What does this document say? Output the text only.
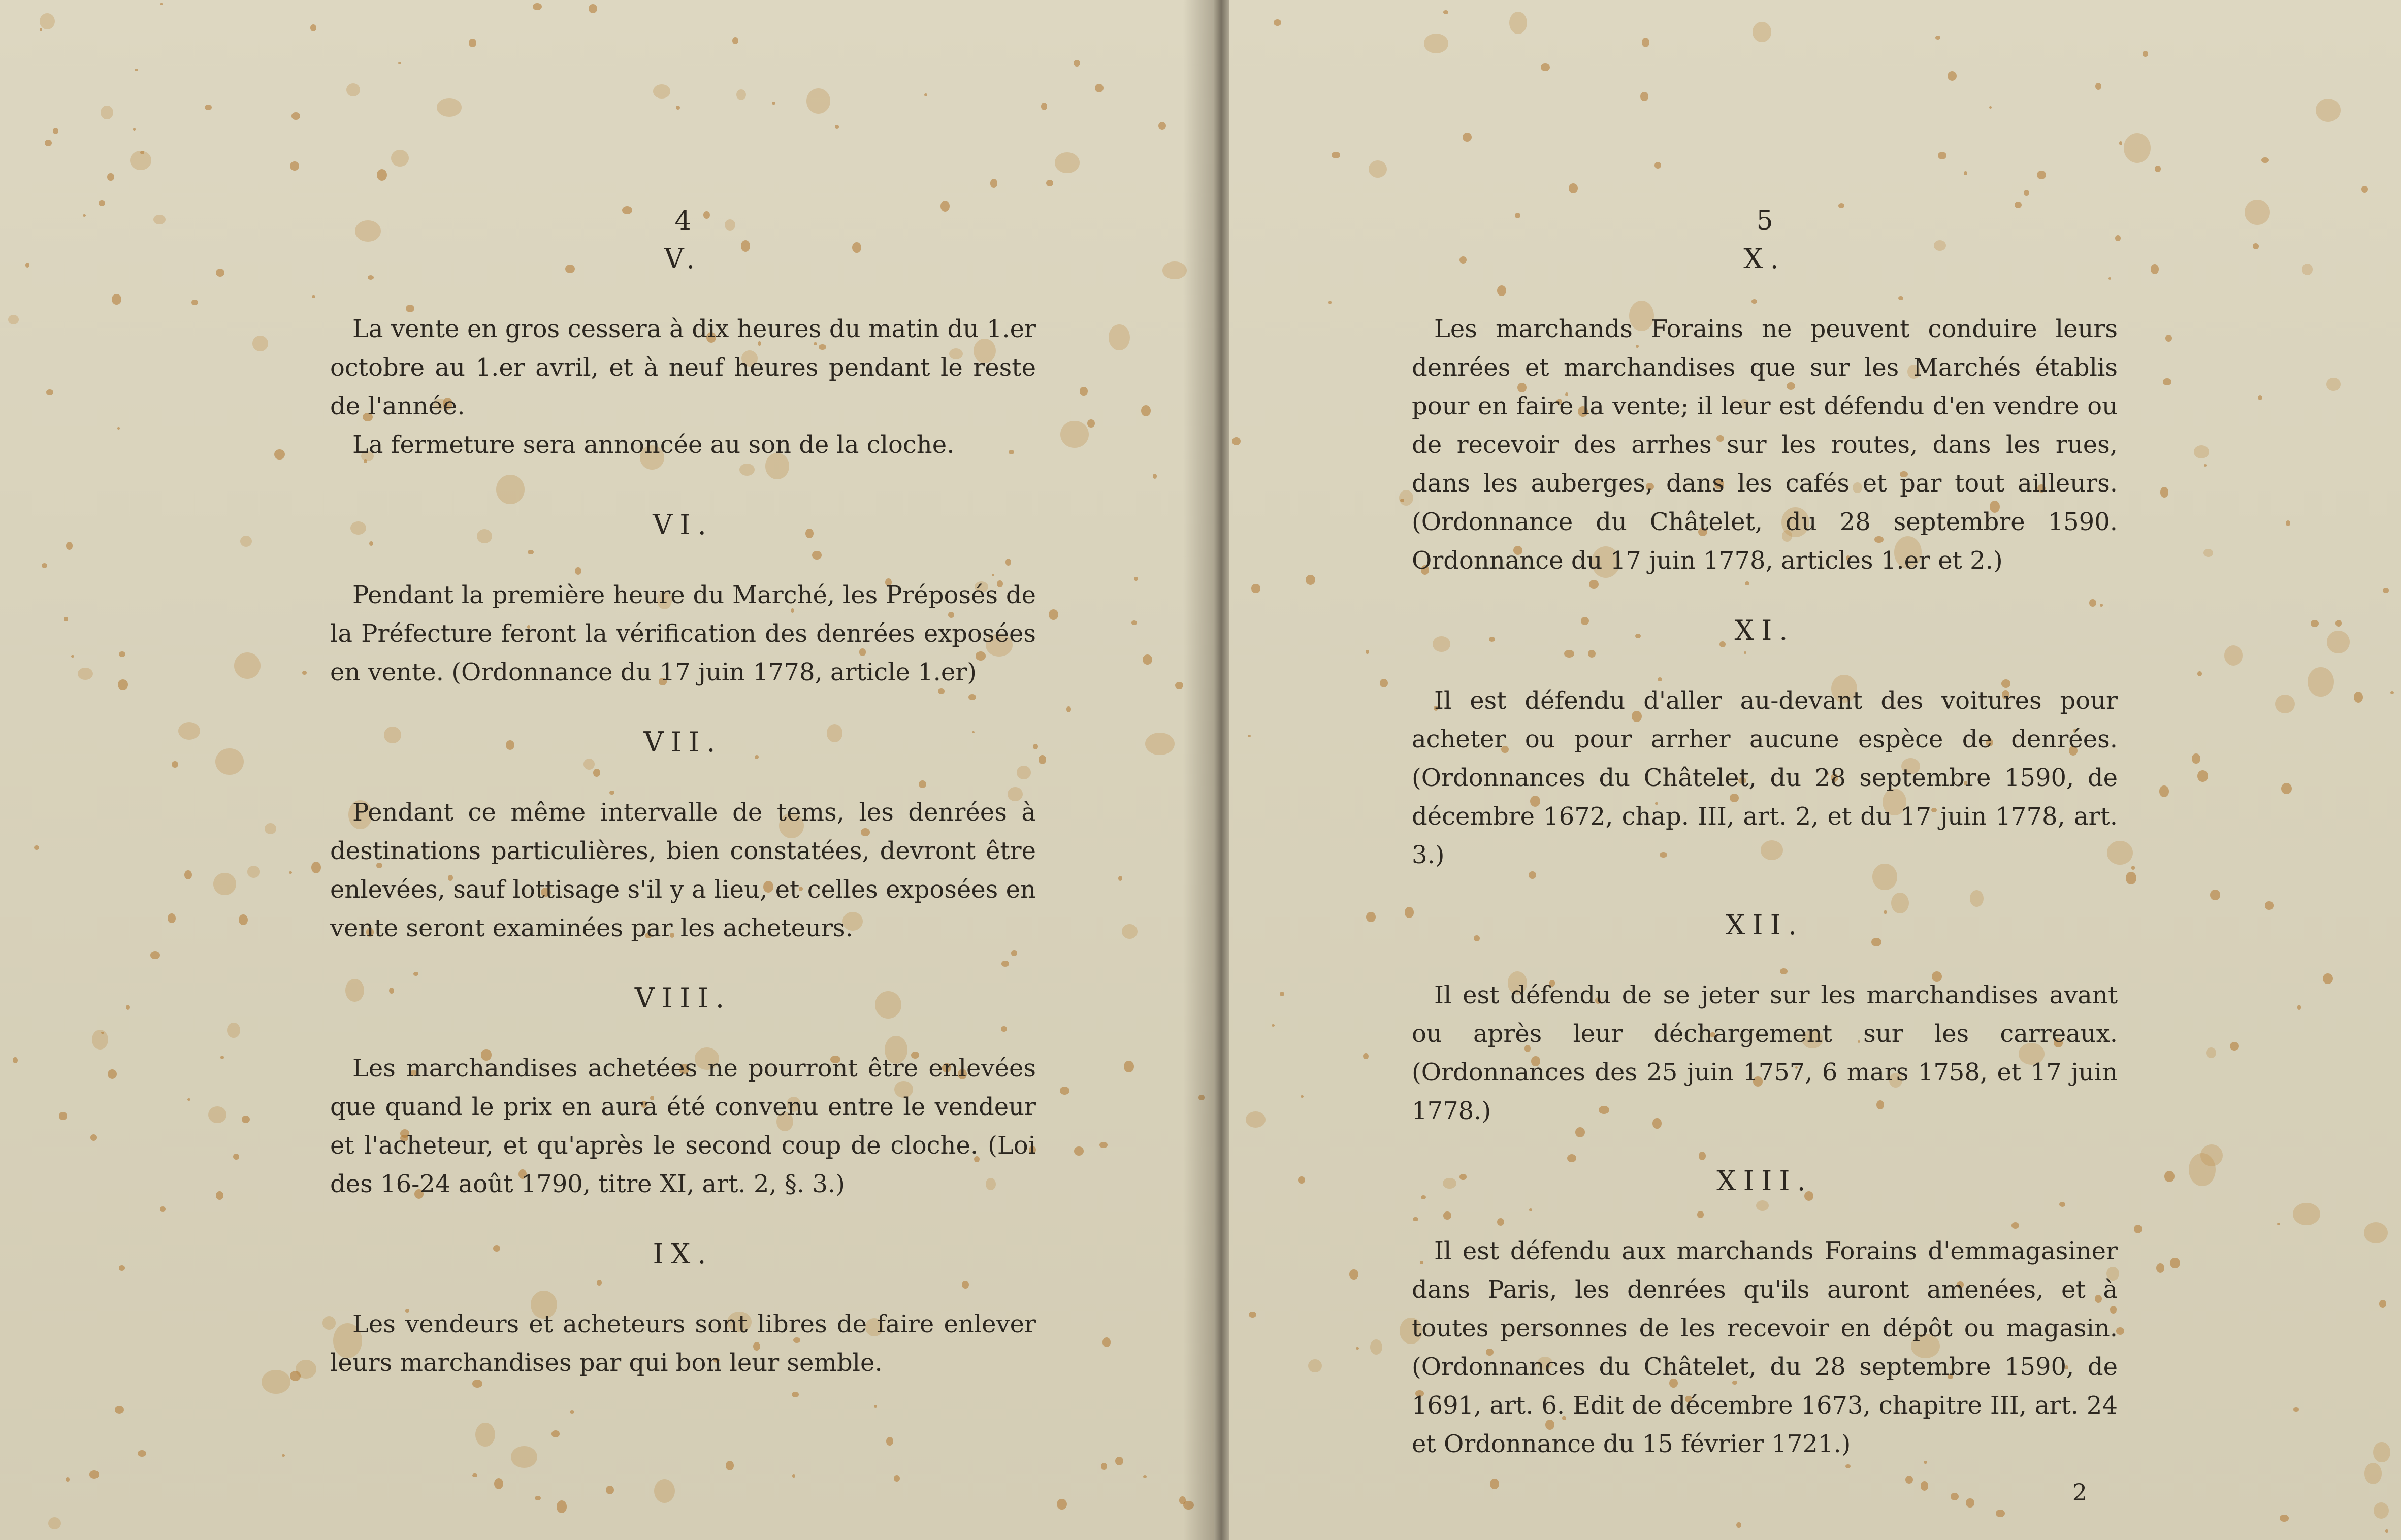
4

V.

La vente en gros cessera à dix heures du matin du 1.er octobre au 1.er avril, et à neuf heures pendant le reste de l'année.

La fermeture sera annoncée au son de la cloche.

VI.

Pendant la première heure du Marché, les Préposés de la Préfecture feront la vérification des denrées exposées en vente. (Ordonnance du 17 juin 1778, article 1.er)

VII.

Pendant ce même intervalle de tems, les denrées à destinations particulières, bien constatées, devront être enlevées, sauf lottisage s'il y a lieu, et celles exposées en vente seront examinées par les acheteurs.

VIII.

Les marchandises achetées ne pourront être enlevées que quand le prix en aura été convenu entre le vendeur et l'acheteur, et qu'après le second coup de cloche. (Loi des 16-24 août 1790, titre XI, art. 2, §. 3.)

IX.

Les vendeurs et acheteurs sont libres de faire enlever leurs marchandises par qui bon leur semble.

5

X.

Les marchands Forains ne peuvent conduire leurs denrées et marchandises que sur les Marchés établis pour en faire la vente; il leur est défendu d'en vendre ou de recevoir des arrhes sur les routes, dans les rues, dans les auberges, dans les cafés et par tout ailleurs. (Ordonnance du Châtelet, du 28 septembre 1590. Ordonnance du 17 juin 1778, articles 1.er et 2.)

XI.

Il est défendu d'aller au-devant des voitures pour acheter ou pour arrher aucune espèce de denrées. (Ordonnances du Châtelet, du 28 septembre 1590, de décembre 1672, chap. III, art. 2, et du 17 juin 1778, art. 3.)

XII.

Il est défendu de se jeter sur les marchandises avant ou après leur déchargement sur les carreaux. (Ordonnances des 25 juin 1757, 6 mars 1758, et 17 juin 1778.)

XIII.

Il est défendu aux marchands Forains d'emmagasiner dans Paris, les denrées qu'ils auront amenées, et à toutes personnes de les recevoir en dépôt ou magasin. (Ordonnances du Châtelet, du 28 septembre 1590, de 1691, art. 6. Edit de décembre 1673, chapitre III, art. 24 et Ordonnance du 15 février 1721.)

2
